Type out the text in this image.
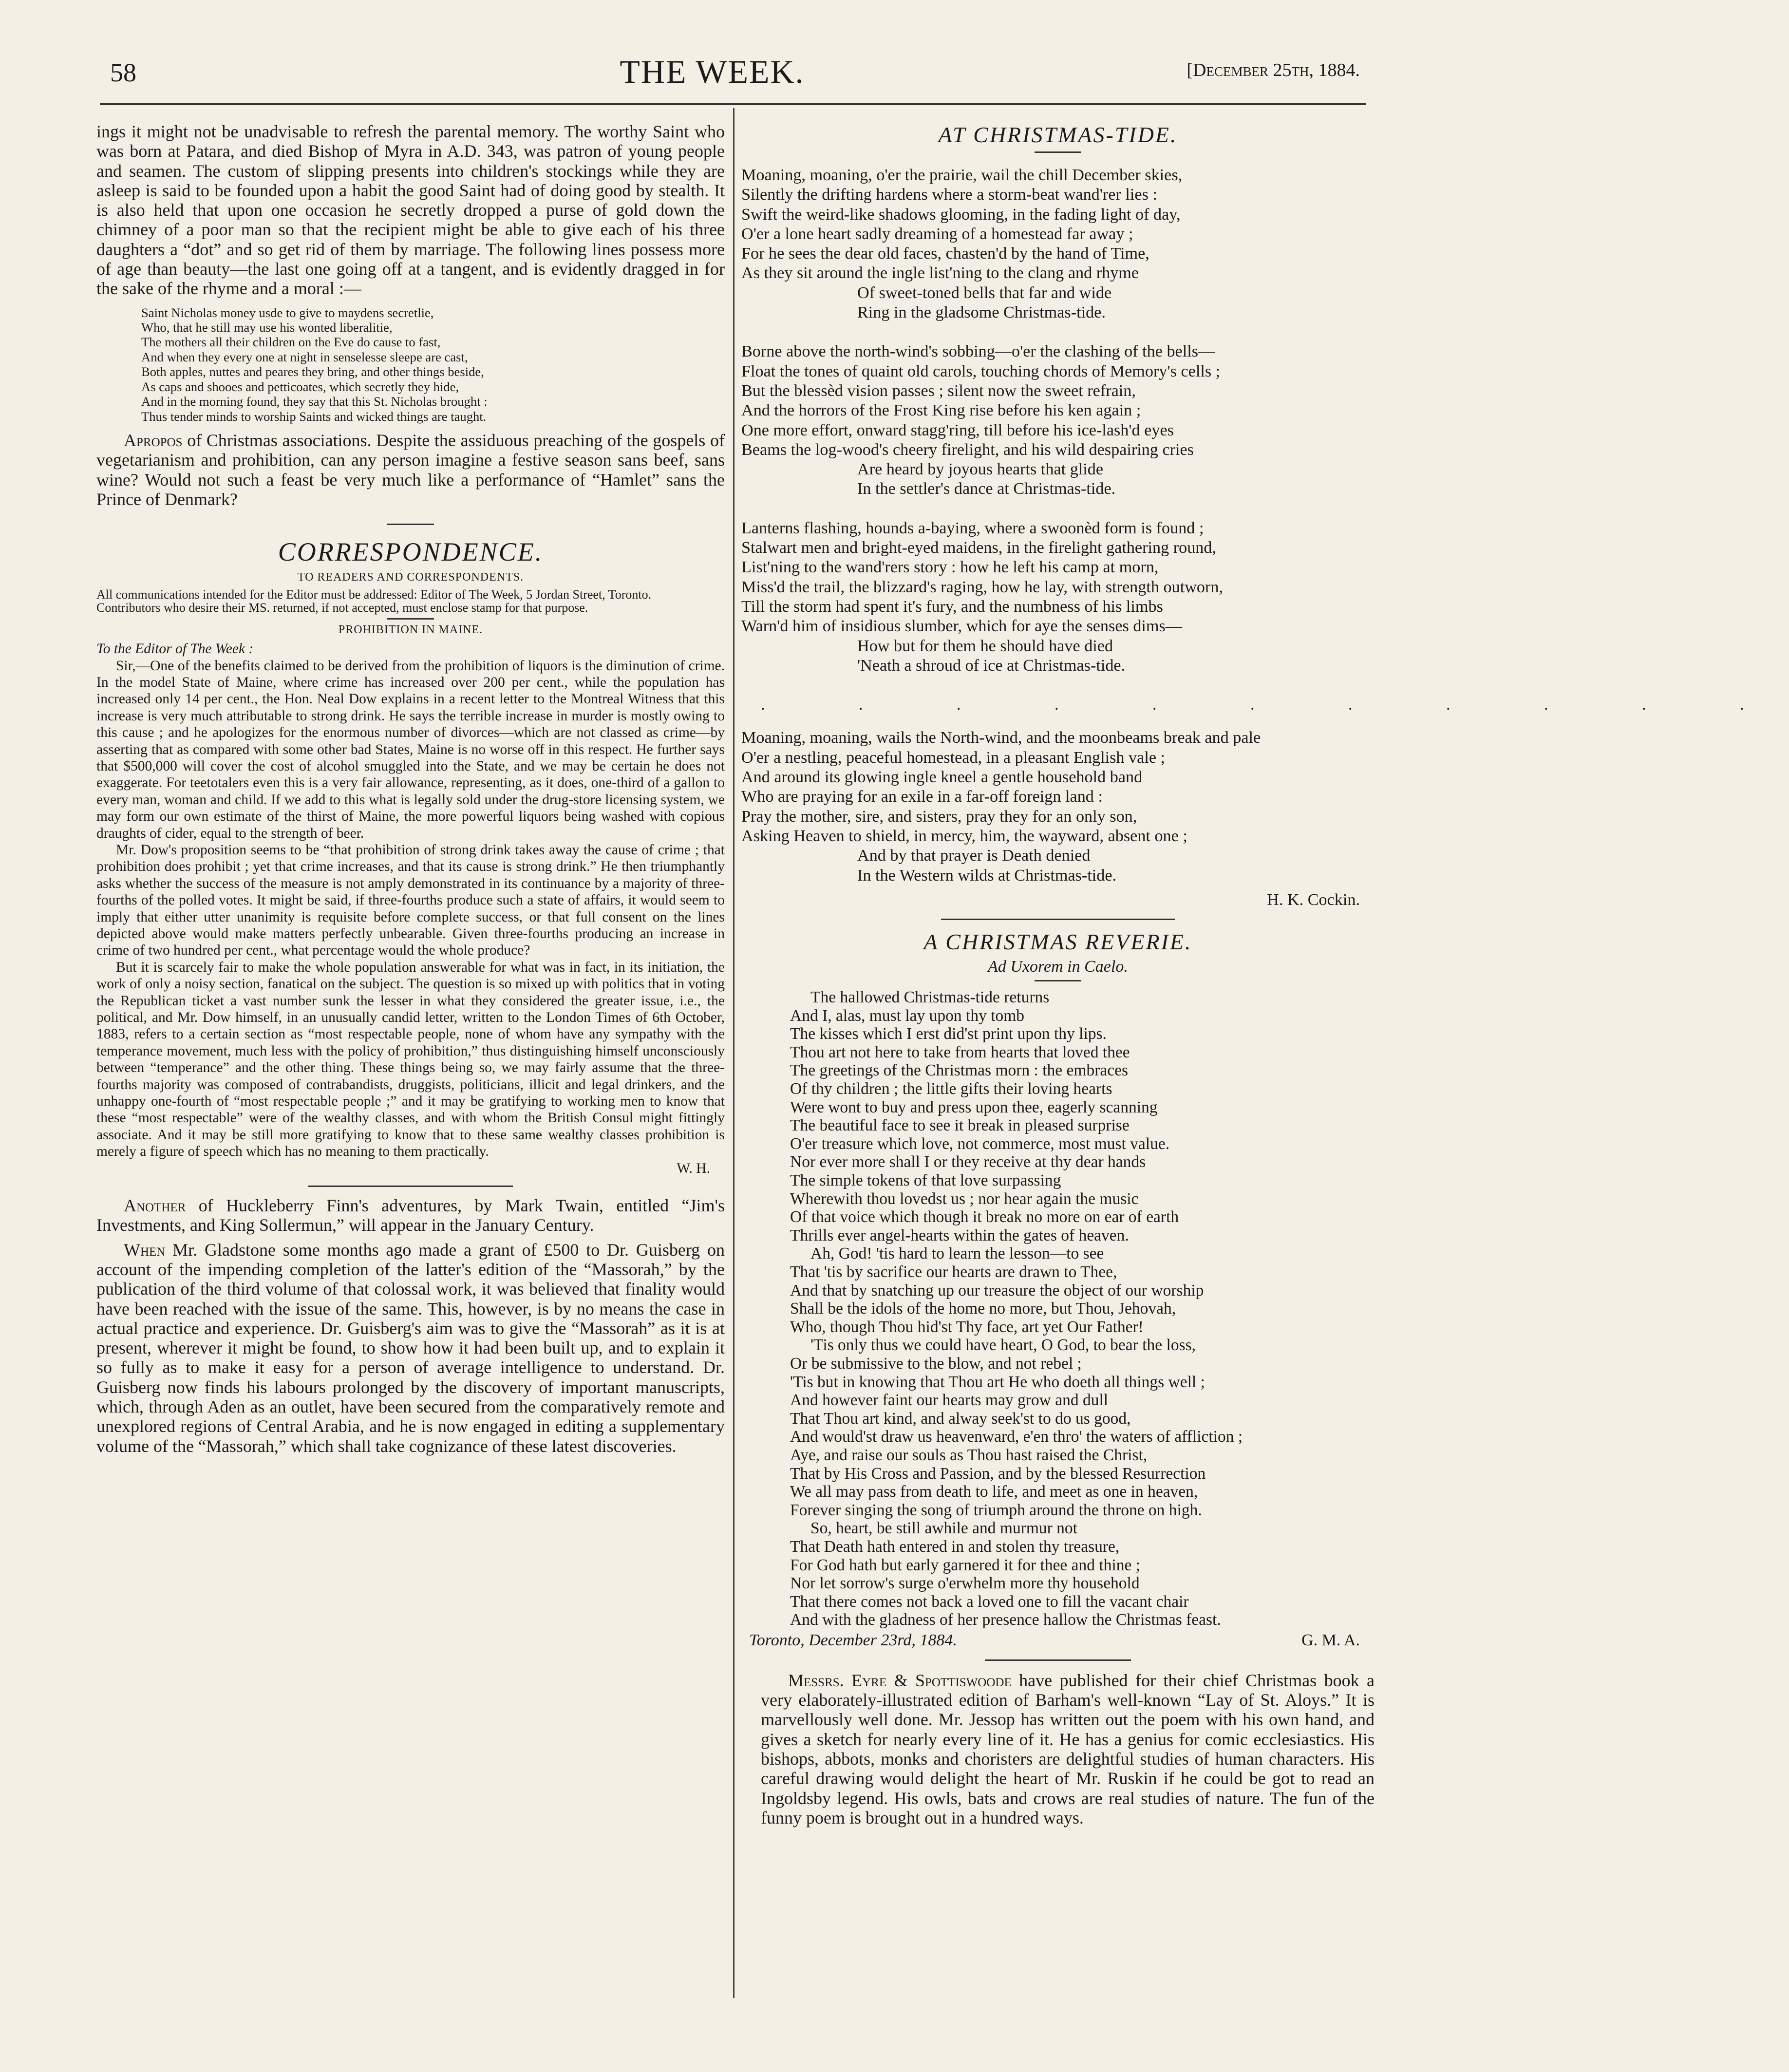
58	THE WEEK.	[December 25th, 1884.

ings it might not be unadvisable to refresh the parental memory. The worthy Saint who was born at Patara, and died Bishop of Myra in A.D. 343, was patron of young people and seamen. The custom of slipping presents into children's stockings while they are asleep is said to be founded upon a habit the good Saint had of doing good by stealth. It is also held that upon one occasion he secretly dropped a purse of gold down the chimney of a poor man so that the recipient might be able to give each of his three daughters a “dot” and so get rid of them by marriage. The following lines possess more of age than beauty—the last one going off at a tangent, and is evidently dragged in for the sake of the rhyme and a moral :—

Saint Nicholas money usde to give to maydens secretlie,
Who, that he still may use his wonted liberalitie,
The mothers all their children on the Eve do cause to fast,
And when they every one at night in senselesse sleepe are cast,
Both apples, nuttes and peares they bring, and other things beside,
As caps and shooes and petticoates, which secretly they hide,
And in the morning found, they say that this St. Nicholas brought :
Thus tender minds to worship Saints and wicked things are taught.

Apropos of Christmas associations. Despite the assiduous preaching of the gospels of vegetarianism and prohibition, can any person imagine a festive season sans beef, sans wine? Would not such a feast be very much like a performance of “Hamlet” sans the Prince of Denmark?

CORRESPONDENCE.
TO READERS AND CORRESPONDENTS.

All communications intended for the Editor must be addressed: Editor of The Week, 5 Jordan Street, Toronto.

Contributors who desire their MS. returned, if not accepted, must enclose stamp for that purpose.

PROHIBITION IN MAINE.

To the Editor of The Week :

Sir,—One of the benefits claimed to be derived from the prohibition of liquors is the diminution of crime. In the model State of Maine, where crime has increased over 200 per cent., while the population has increased only 14 per cent., the Hon. Neal Dow explains in a recent letter to the Montreal Witness that this increase is very much attributable to strong drink. He says the terrible increase in murder is mostly owing to this cause ; and he apologizes for the enormous number of divorces—which are not classed as crime—by asserting that as compared with some other bad States, Maine is no worse off in this respect. He further says that $500,000 will cover the cost of alcohol smuggled into the State, and we may be certain he does not exaggerate. For teetotalers even this is a very fair allowance, representing, as it does, one-third of a gallon to every man, woman and child. If we add to this what is legally sold under the drug-store licensing system, we may form our own estimate of the thirst of Maine, the more powerful liquors being washed with copious draughts of cider, equal to the strength of beer.

Mr. Dow's proposition seems to be “that prohibition of strong drink takes away the cause of crime ; that prohibition does prohibit ; yet that crime increases, and that its cause is strong drink.” He then triumphantly asks whether the success of the measure is not amply demonstrated in its continuance by a majority of three-fourths of the polled votes. It might be said, if three-fourths produce such a state of affairs, it would seem to imply that either utter unanimity is requisite before complete success, or that full consent on the lines depicted above would make matters perfectly unbearable. Given three-fourths producing an increase in crime of two hundred per cent., what percentage would the whole produce?

But it is scarcely fair to make the whole population answerable for what was in fact, in its initiation, the work of only a noisy section, fanatical on the subject. The question is so mixed up with politics that in voting the Republican ticket a vast number sunk the lesser in what they considered the greater issue, i.e., the political, and Mr. Dow himself, in an unusually candid letter, written to the London Times of 6th October, 1883, refers to a certain section as “most respectable people, none of whom have any sympathy with the temperance movement, much less with the policy of prohibition,” thus distinguishing himself unconsciously between “temperance” and the other thing. These things being so, we may fairly assume that the three-fourths majority was composed of contrabandists, druggists, politicians, illicit and legal drinkers, and the unhappy one-fourth of “most respectable people ;” and it may be gratifying to working men to know that these “most respectable” were of the wealthy classes, and with whom the British Consul might fittingly associate. And it may be still more gratifying to know that to these same wealthy classes prohibition is merely a figure of speech which has no meaning to them practically.

W. H.

Another of Huckleberry Finn's adventures, by Mark Twain, entitled “Jim's Investments, and King Sollermun,” will appear in the January Century.

When Mr. Gladstone some months ago made a grant of £500 to Dr. Guisberg on account of the impending completion of the latter's edition of the “Massorah,” by the publication of the third volume of that colossal work, it was believed that finality would have been reached with the issue of the same. This, however, is by no means the case in actual practice and experience. Dr. Guisberg's aim was to give the “Massorah” as it is at present, wherever it might be found, to show how it had been built up, and to explain it so fully as to make it easy for a person of average intelligence to understand. Dr. Guisberg now finds his labours prolonged by the discovery of important manuscripts, which, through Aden as an outlet, have been secured from the comparatively remote and unexplored regions of Central Arabia, and he is now engaged in editing a supplementary volume of the “Massorah,” which shall take cognizance of these latest discoveries.

AT CHRISTMAS-TIDE.
Moaning, moaning, o'er the prairie, wail the chill December skies,
Silently the drifting hardens where a storm-beat wand'rer lies :
Swift the weird-like shadows glooming, in the fading light of day,
O'er a lone heart sadly dreaming of a homestead far away ;
For he sees the dear old faces, chasten'd by the hand of Time,
As they sit around the ingle list'ning to the clang and rhyme
Of sweet-toned bells that far and wide
Ring in the gladsome Christmas-tide.
Borne above the north-wind's sobbing—o'er the clashing of the bells—
Float the tones of quaint old carols, touching chords of Memory's cells ;
But the blessèd vision passes ; silent now the sweet refrain,
And the horrors of the Frost King rise before his ken again ;
One more effort, onward stagg'ring, till before his ice-lash'd eyes
Beams the log-wood's cheery firelight, and his wild despairing cries
Are heard by joyous hearts that glide
In the settler's dance at Christmas-tide.
Lanterns flashing, hounds a-baying, where a swoonèd form is found ;
Stalwart men and bright-eyed maidens, in the firelight gathering round,
List'ning to the wand'rers story : how he left his camp at morn,
Miss'd the trail, the blizzard's raging, how he lay, with strength outworn,
Till the storm had spent it's fury, and the numbness of his limbs
Warn'd him of insidious slumber, which for aye the senses dims—
How but for them he should have died
'Neath a shroud of ice at Christmas-tide.
. . . . . . . . . . .
Moaning, moaning, wails the North-wind, and the moonbeams break and pale
O'er a nestling, peaceful homestead, in a pleasant English vale ;
And around its glowing ingle kneel a gentle household band
Who are praying for an exile in a far-off foreign land :
Pray the mother, sire, and sisters, pray they for an only son,
Asking Heaven to shield, in mercy, him, the wayward, absent one ;
And by that prayer is Death denied
In the Western wilds at Christmas-tide.
H. K. Cockin.
A CHRISTMAS REVERIE.
Ad Uxorem in Caelo.
The hallowed Christmas-tide returns
And I, alas, must lay upon thy tomb
The kisses which I erst did'st print upon thy lips.
Thou art not here to take from hearts that loved thee
The greetings of the Christmas morn : the embraces
Of thy children ; the little gifts their loving hearts
Were wont to buy and press upon thee, eagerly scanning
The beautiful face to see it break in pleased surprise
O'er treasure which love, not commerce, most must value.
Nor ever more shall I or they receive at thy dear hands
The simple tokens of that love surpassing
Wherewith thou lovedst us ; nor hear again the music
Of that voice which though it break no more on ear of earth
Thrills ever angel-hearts within the gates of heaven.
Ah, God! 'tis hard to learn the lesson—to see
That 'tis by sacrifice our hearts are drawn to Thee,
And that by snatching up our treasure the object of our worship
Shall be the idols of the home no more, but Thou, Jehovah,
Who, though Thou hid'st Thy face, art yet Our Father!
'Tis only thus we could have heart, O God, to bear the loss,
Or be submissive to the blow, and not rebel ;
'Tis but in knowing that Thou art He who doeth all things well ;
And however faint our hearts may grow and dull
That Thou art kind, and alway seek'st to do us good,
And would'st draw us heavenward, e'en thro' the waters of affliction ;
Aye, and raise our souls as Thou hast raised the Christ,
That by His Cross and Passion, and by the blessed Resurrection
We all may pass from death to life, and meet as one in heaven,
Forever singing the song of triumph around the throne on high.
So, heart, be still awhile and murmur not
That Death hath entered in and stolen thy treasure,
For God hath but early garnered it for thee and thine ;
Nor let sorrow's surge o'erwhelm more thy household
That there comes not back a loved one to fill the vacant chair
And with the gladness of her presence hallow the Christmas feast.
Toronto, December 23rd, 1884.	G. M. A.

Messrs. Eyre & Spottiswoode have published for their chief Christmas book a very elaborately-illustrated edition of Barham's well-known “Lay of St. Aloys.” It is marvellously well done. Mr. Jessop has written out the poem with his own hand, and gives a sketch for nearly every line of it. He has a genius for comic ecclesiastics. His bishops, abbots, monks and choristers are delightful studies of human characters. His careful drawing would delight the heart of Mr. Ruskin if he could be got to read an Ingoldsby legend. His owls, bats and crows are real studies of nature. The fun of the funny poem is brought out in a hundred ways.
